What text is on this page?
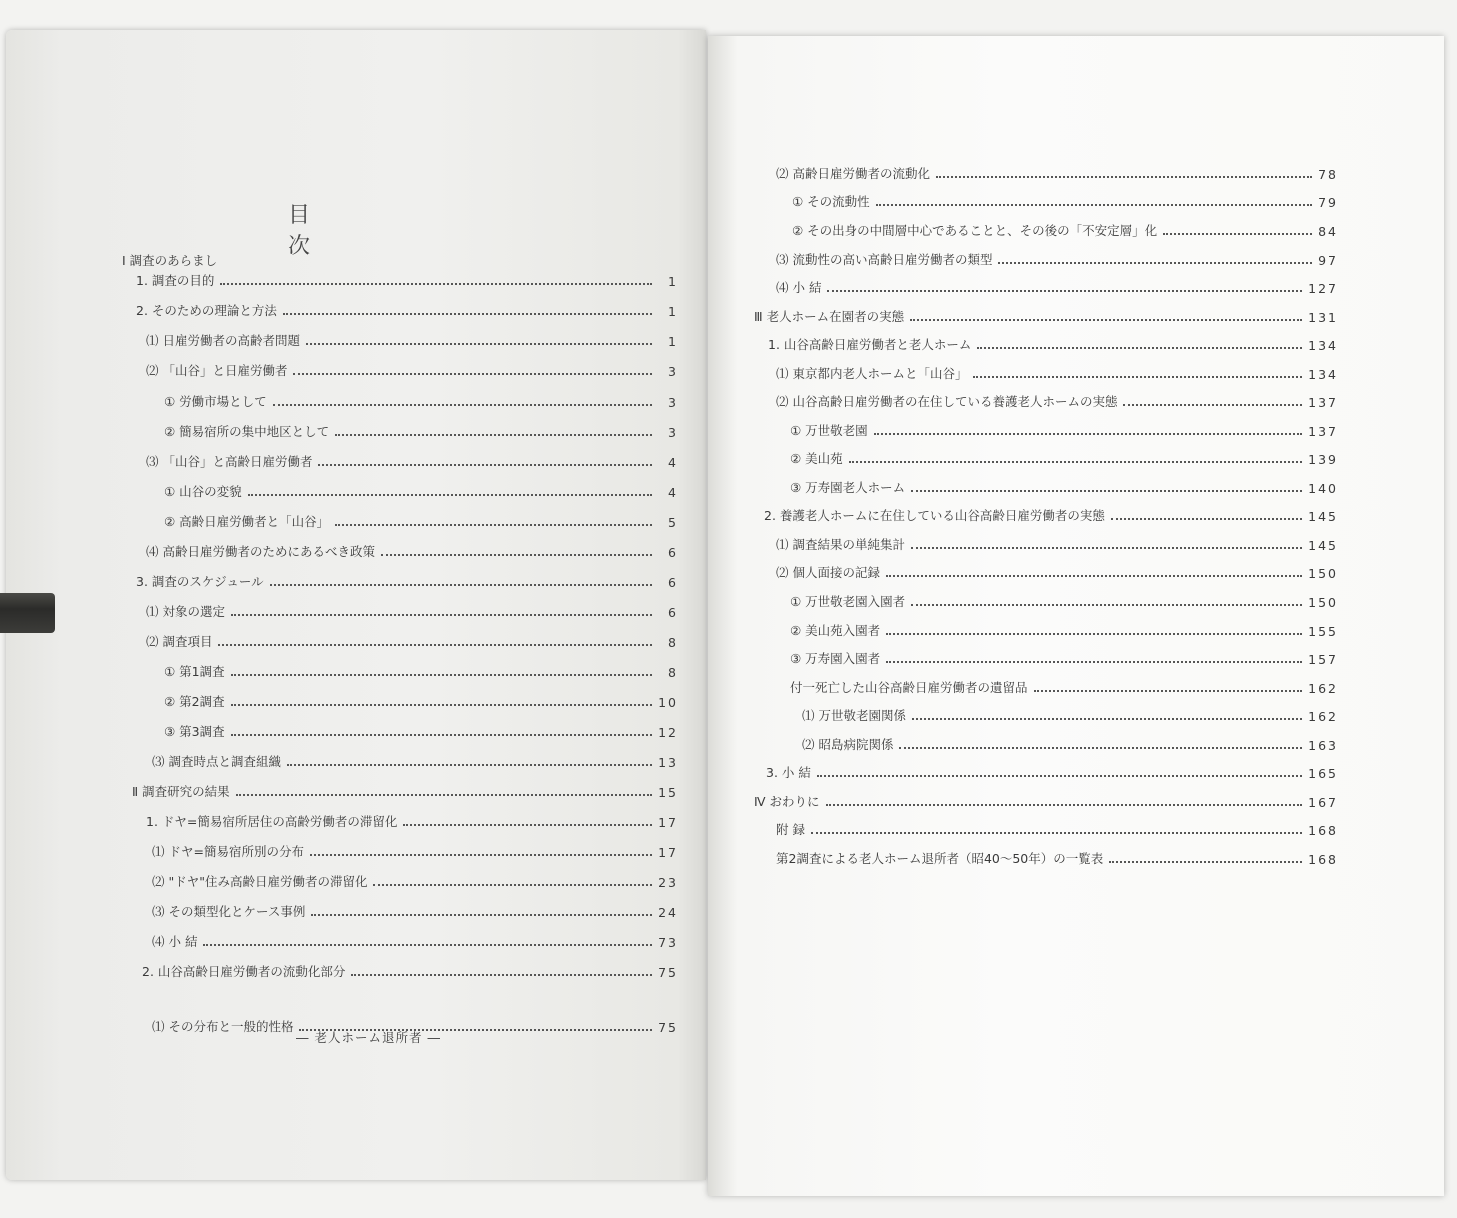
目 次
Ⅰ 調査のあらまし
1. 調査の目的	1
2. そのための理論と方法	1
⑴ 日雇労働者の高齢者問題	1
⑵ 「山谷」と日雇労働者	3
① 労働市場として	3
② 簡易宿所の集中地区として	3
⑶ 「山谷」と高齢日雇労働者	4
① 山谷の変貌	4
② 高齢日雇労働者と「山谷」	5
⑷ 高齢日雇労働者のためにあるべき政策	6
3. 調査のスケジュール	6
⑴ 対象の選定	6
⑵ 調査項目	8
① 第1調査	8
② 第2調査	10
③ 第3調査	12
⑶ 調査時点と調査組織	13
Ⅱ 調査研究の結果	15
1. ドヤ=簡易宿所居住の高齢労働者の滞留化	17
⑴ ドヤ=簡易宿所別の分布	17
⑵ "ドヤ"住み高齢日雇労働者の滞留化	23
⑶ その類型化とケース事例	24
⑷ 小 結	73
2. 山谷高齢日雇労働者の流動化部分	75
⑴ その分布と一般的性格	75
― 老人ホーム退所者 ―
⑵ 高齢日雇労働者の流動化	78
① その流動性	79
② その出身の中間層中心であることと、その後の「不安定層」化	84
⑶ 流動性の高い高齢日雇労働者の類型	97
⑷ 小 結	127
Ⅲ 老人ホーム在園者の実態	131
1. 山谷高齢日雇労働者と老人ホーム	134
⑴ 東京都内老人ホームと「山谷」	134
⑵ 山谷高齢日雇労働者の在住している養護老人ホームの実態	137
① 万世敬老園	137
② 美山苑	139
③ 万寿園老人ホーム	140
2. 養護老人ホームに在住している山谷高齢日雇労働者の実態	145
⑴ 調査結果の単純集計	145
⑵ 個人面接の記録	150
① 万世敬老園入園者	150
② 美山苑入園者	155
③ 万寿園入園者	157
付一死亡した山谷高齢日雇労働者の遺留品	162
⑴ 万世敬老園関係	162
⑵ 昭島病院関係	163
3. 小 結	165
Ⅳ おわりに	167
附 録	168
第2調査による老人ホーム退所者（昭40～50年）の一覧表	168
